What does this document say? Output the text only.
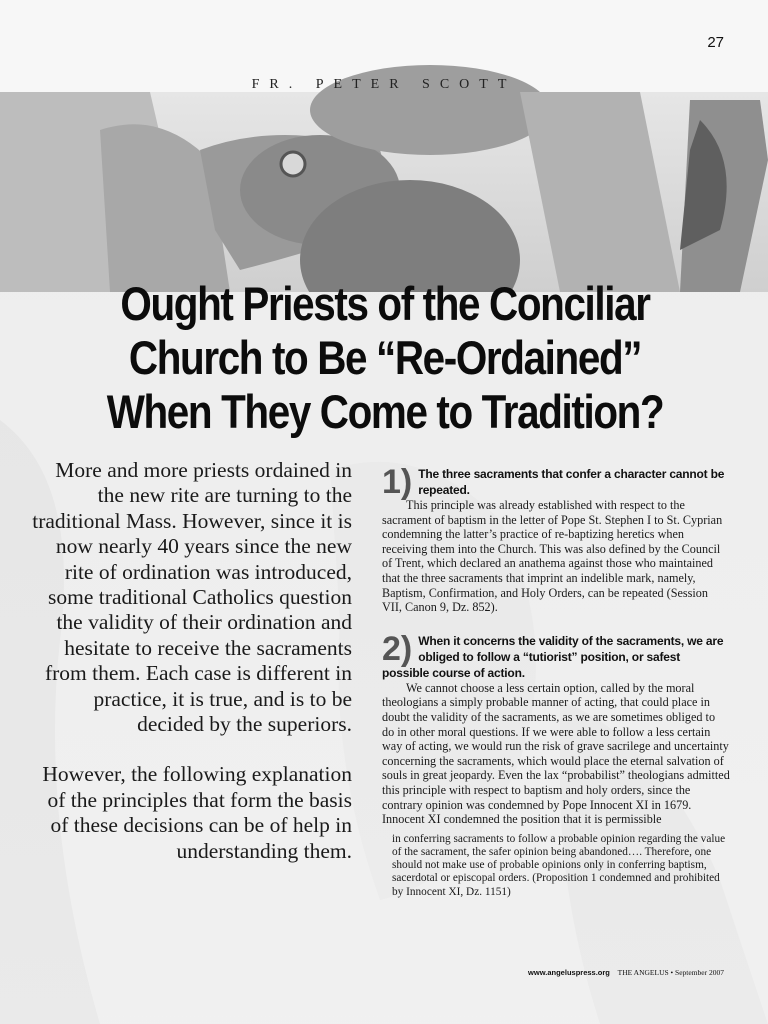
27
FR. PETER SCOTT
Ought Priests of the Conciliar Church to Be “Re-Ordained” When They Come to Tradition?

More and more priests ordained in the new rite are turning to the traditional Mass. However, since it is now nearly 40 years since the new rite of ordination was introduced, some traditional Catholics question the validity of their ordination and hesitate to receive the sacraments from them. Each case is different in practice, it is true, and is to be decided by the superiors.

However, the following explanation of the principles that form the basis of these decisions can be of help in understanding them.

1) The three sacraments that confer a character cannot be repeated.

This principle was already established with respect to the sacrament of baptism in the letter of Pope St. Stephen I to St. Cyprian condemning the latter’s practice of re-baptizing heretics when receiving them into the Church. This was also defined by the Council of Trent, which declared an anathema against those who maintained that the three sacraments that imprint an indelible mark, namely, Baptism, Confirmation, and Holy Orders, can be repeated (Session VII, Canon 9, Dz. 852).

2) When it concerns the validity of the sacraments, we are obliged to follow a “tutiorist” position, or safest possible course of action.

We cannot choose a less certain option, called by the moral theologians a simply probable manner of acting, that could place in doubt the validity of the sacraments, as we are sometimes obliged to do in other moral questions. If we were able to follow a less certain way of acting, we would run the risk of grave sacrilege and uncertainty concerning the sacraments, which would place the eternal salvation of souls in great jeopardy. Even the lax “probabilist” theologians admitted this principle with respect to baptism and holy orders, since the contrary opinion was condemned by Pope Innocent XI in 1679. Innocent XI condemned the position that it is permissible

in conferring sacraments to follow a probable opinion regarding the value of the sacrament, the safer opinion being abandoned…. Therefore, one should not make use of probable opinions only in conferring baptism, sacerdotal or episcopal orders. (Proposition 1 condemned and prohibited by Innocent XI, Dz. 1151)

www.angeluspress.org THE ANGELUS • September 2007
